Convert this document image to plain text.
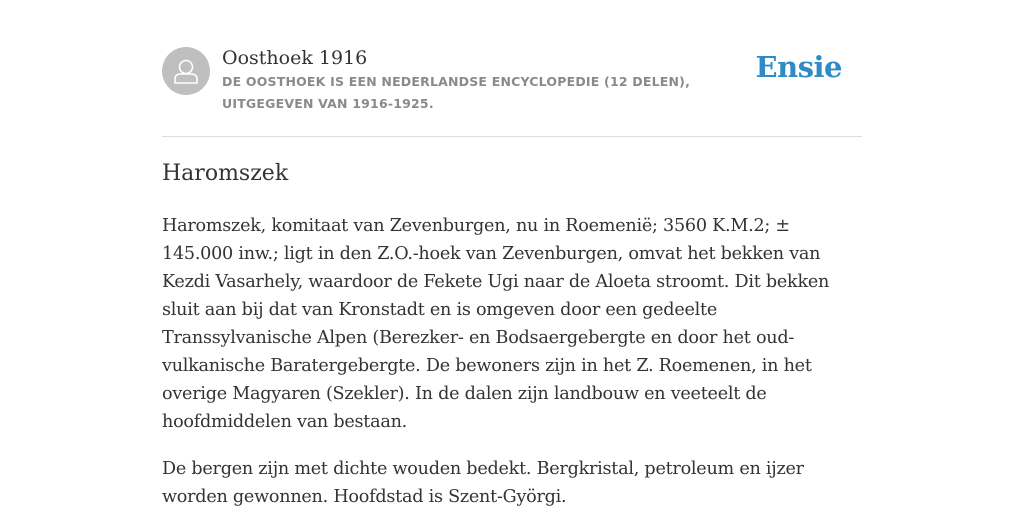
Oosthoek 1916
DE OOSTHOEK IS EEN NEDERLANDSE ENCYCLOPEDIE (12 DELEN), UITGEGEVEN VAN 1916-1925.
Ensie
Haromszek

Haromszek, komitaat van Zevenburgen, nu in Roemenië; 3560 K.M.2; ± 145.000 inw.; ligt in den Z.O.-hoek van Zevenburgen, omvat het bekken van Kezdi Vasarhely, waardoor de Fekete Ugi naar de Aloeta stroomt. Dit bekken sluit aan bij dat van Kronstadt en is omgeven door een gedeelte Transsylvanische Alpen (Berezker- en Bodsaergebergte en door het oud-vulkanische Baratergebergte. De bewoners zijn in het Z. Roemenen, in het overige Magyaren (Szekler). In de dalen zijn landbouw en veeteelt de hoofdmiddelen van bestaan.

De bergen zijn met dichte wouden bedekt. Bergkristal, petroleum en ijzer worden gewonnen. Hoofdstad is Szent-Györgi.
